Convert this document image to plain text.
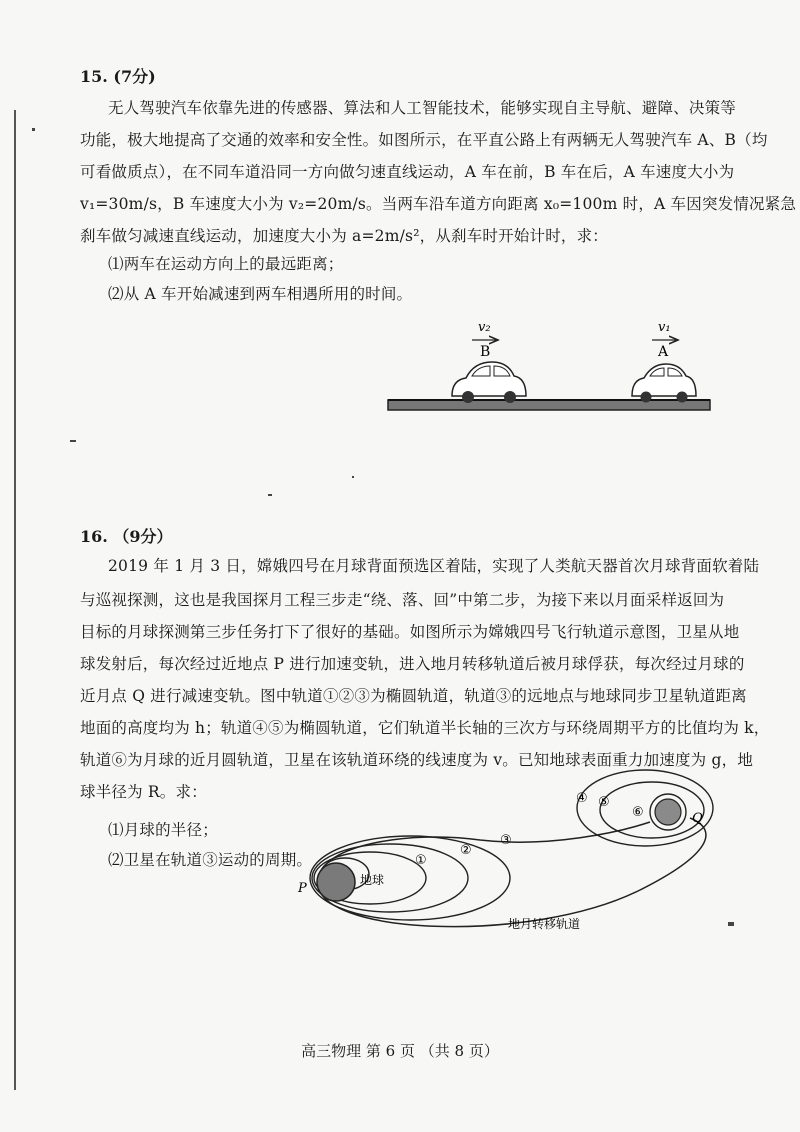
15. (7分)
无人驾驶汽车依靠先进的传感器、算法和人工智能技术，能够实现自主导航、避障、决策等
功能，极大地提高了交通的效率和安全性。如图所示，在平直公路上有两辆无人驾驶汽车 A、B（均
可看做质点），在不同车道沿同一方向做匀速直线运动，A 车在前，B 车在后，A 车速度大小为
v₁=30m/s，B 车速度大小为 v₂=20m/s。当两车沿车道方向距离 x₀=100m 时，A 车因突发情况紧急
刹车做匀减速直线运动，加速度大小为 a=2m/s²，从刹车时开始计时，求：
⑴两车在运动方向上的最远距离；
⑵从 A 车开始减速到两车相遇所用的时间。
v₂	v₁
B	A
16. （9分）
2019 年 1 月 3 日，嫦娥四号在月球背面预选区着陆，实现了人类航天器首次月球背面软着陆
与巡视探测，这也是我国探月工程三步走“绕、落、回”中第二步，为接下来以月面采样返回为
目标的月球探测第三步任务打下了很好的基础。如图所示为嫦娥四号飞行轨道示意图，卫星从地
球发射后，每次经过近地点 P 进行加速变轨，进入地月转移轨道后被月球俘获，每次经过月球的
近月点 Q 进行减速变轨。图中轨道①②③为椭圆轨道，轨道③的远地点与地球同步卫星轨道距离
地面的高度均为 h；轨道④⑤为椭圆轨道，它们轨道半长轴的三次方与环绕周期平方的比值均为 k，
轨道⑥为月球的近月圆轨道，卫星在该轨道环绕的线速度为 v。已知地球表面重力加速度为 g，地
球半径为 R。求：
⑴月球的半径；
⑵卫星在轨道③运动的周期。
P
地球
①
②
③
④ ⑤
⑥	Q
地月转移轨道
高三物理 第 6 页 （共 8 页）
